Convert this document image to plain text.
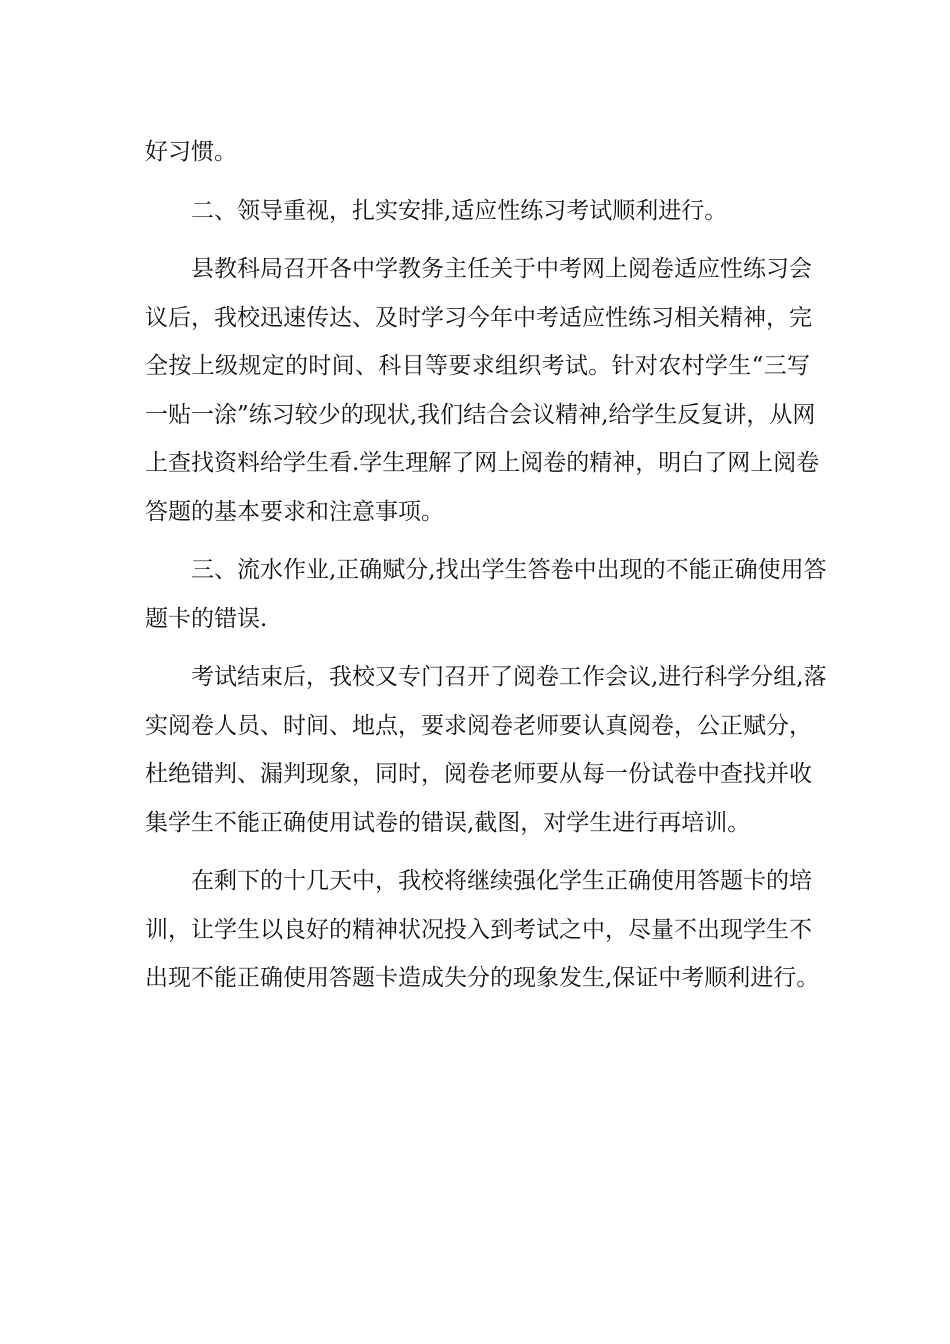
好习惯。
二、领导重视，扎实安排,适应性练习考试顺利进行。
县教科局召开各中学教务主任关于中考网上阅卷适应性练习会
议后，我校迅速传达、及时学习今年中考适应性练习相关精神，完
全按上级规定的时间、科目等要求组织考试。针对农村学生“三写
一贴一涂”练习较少的现状,我们结合会议精神,给学生反复讲，从网
上查找资料给学生看.学生理解了网上阅卷的精神，明白了网上阅卷
答题的基本要求和注意事项。
三、流水作业,正确赋分,找出学生答卷中出现的不能正确使用答
题卡的错误.
考试结束后，我校又专门召开了阅卷工作会议,进行科学分组,落
实阅卷人员、时间、地点，要求阅卷老师要认真阅卷，公正赋分，
杜绝错判、漏判现象，同时，阅卷老师要从每一份试卷中查找并收
集学生不能正确使用试卷的错误,截图，对学生进行再培训。
在剩下的十几天中，我校将继续强化学生正确使用答题卡的培
训，让学生以良好的精神状况投入到考试之中，尽量不出现学生不
出现不能正确使用答题卡造成失分的现象发生,保证中考顺利进行。
